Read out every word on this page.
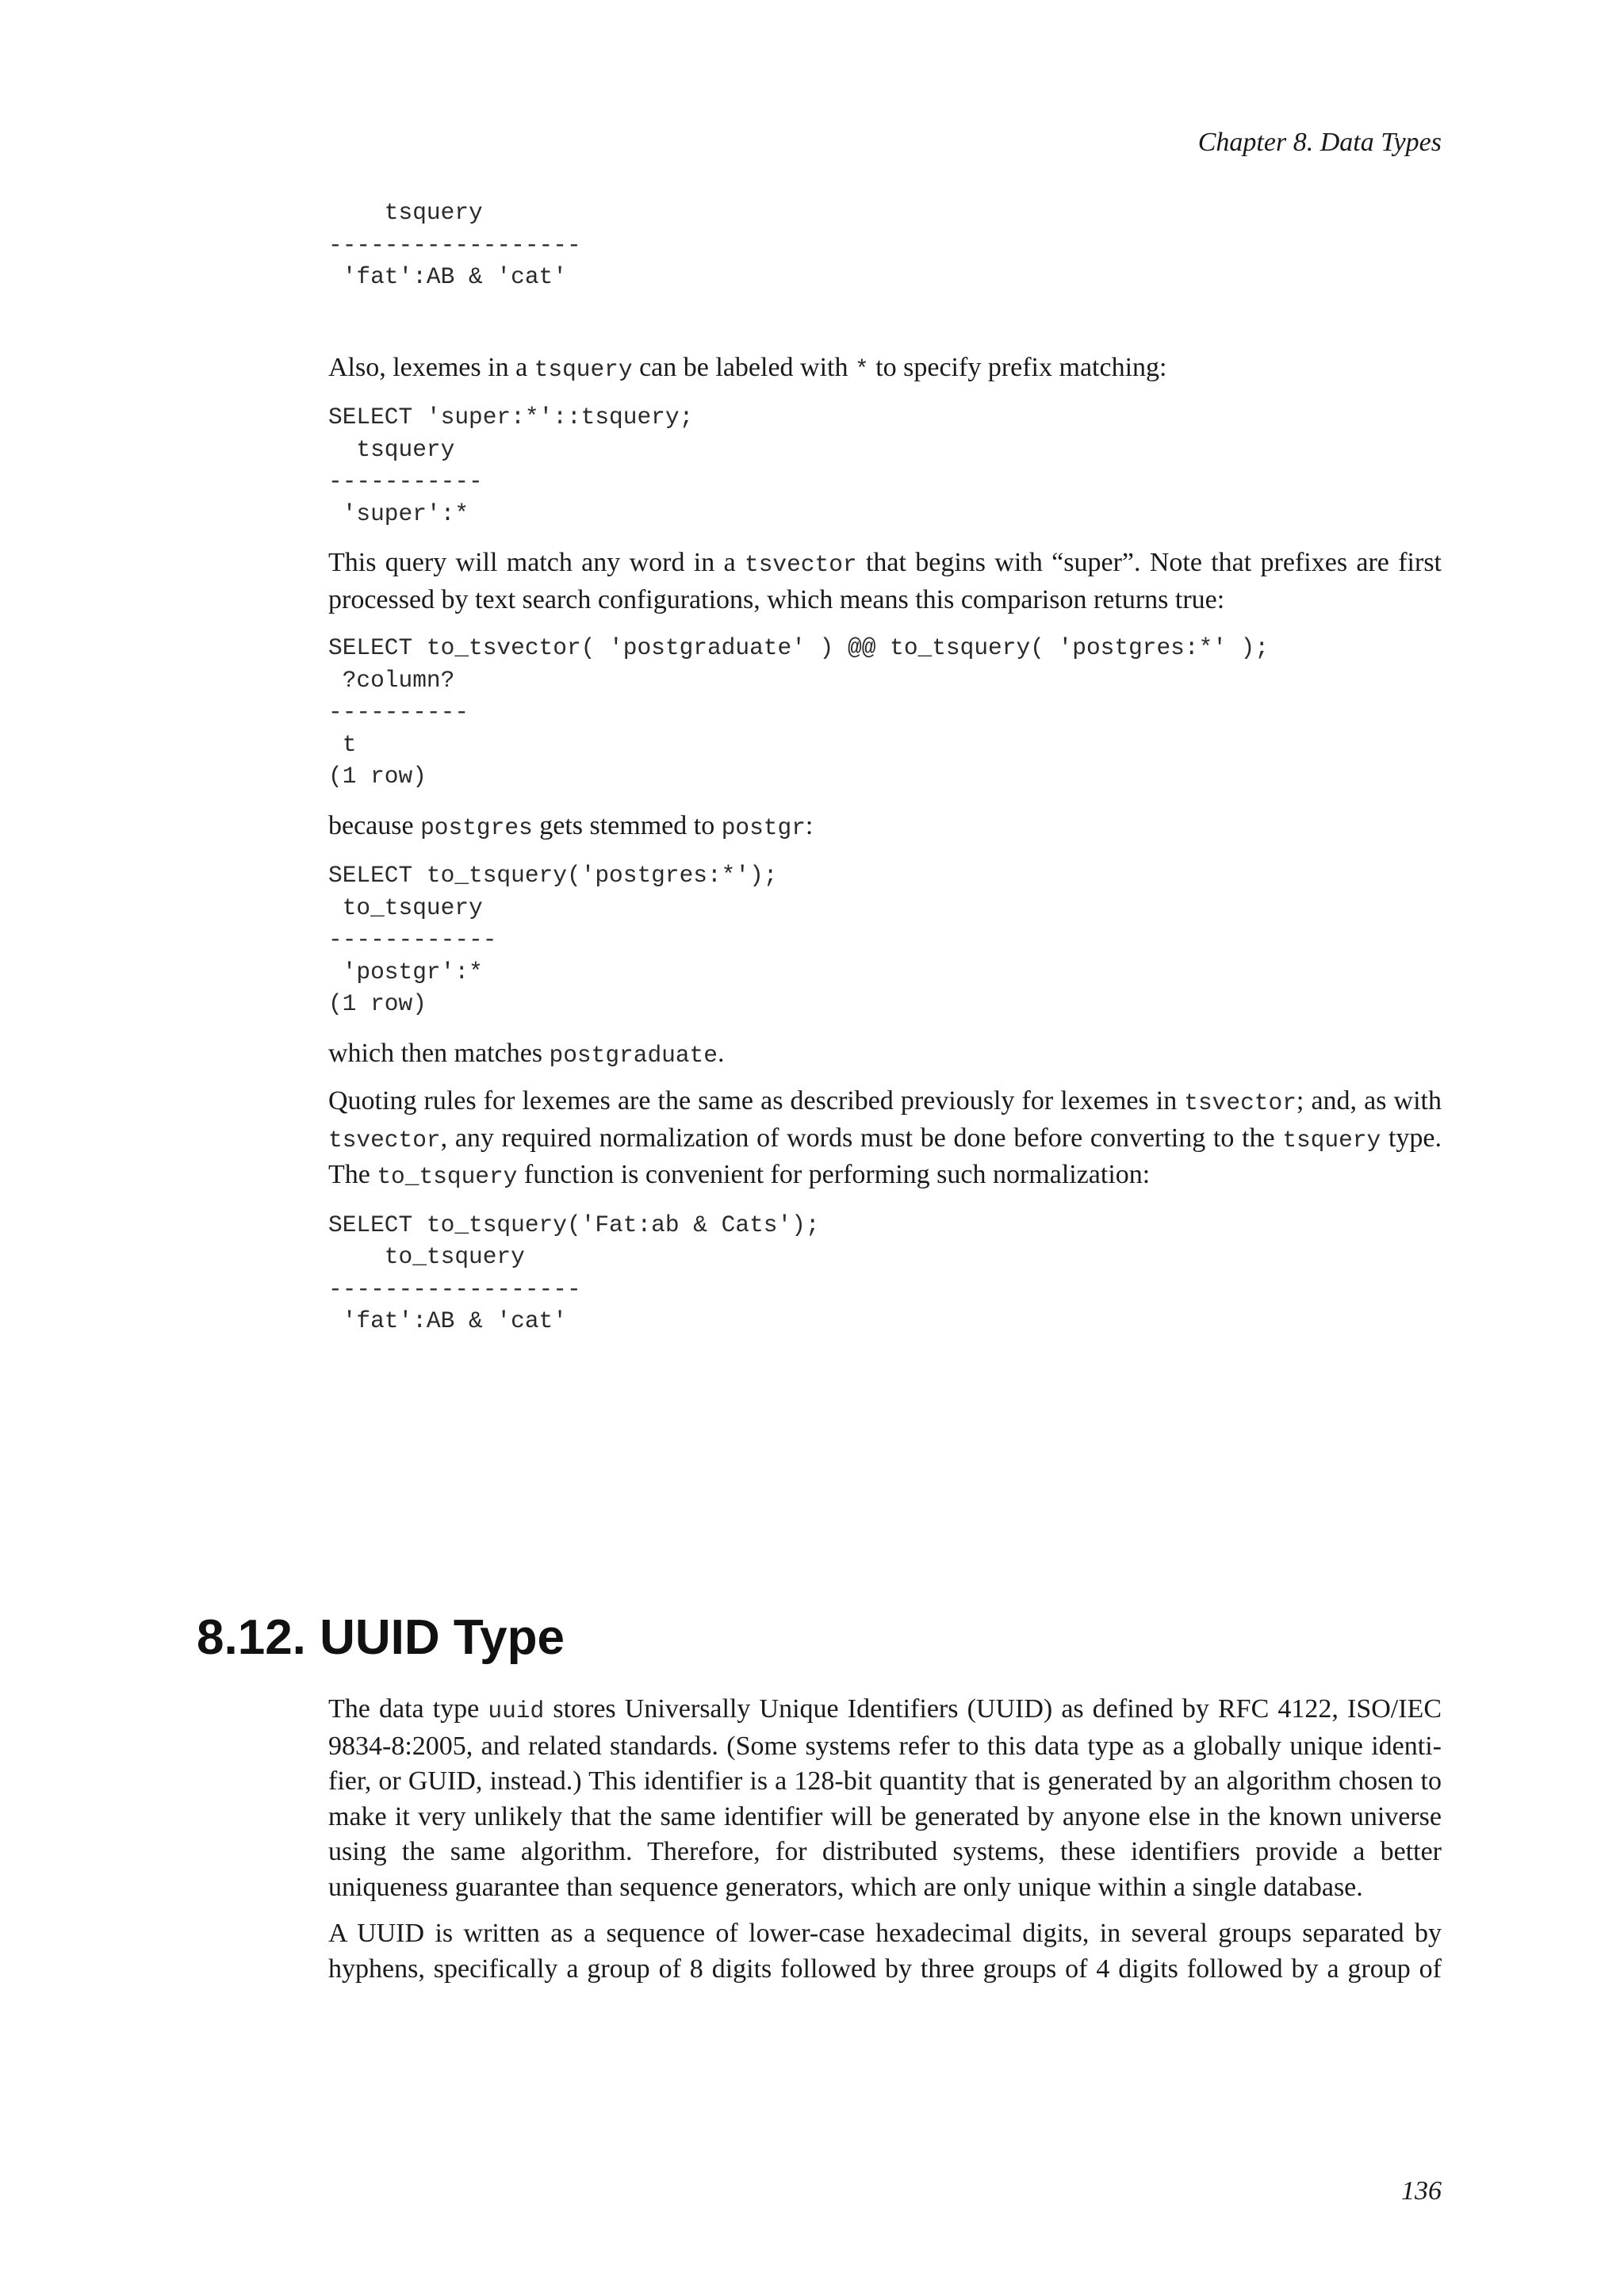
Chapter 8. Data Types
tsquery
------------------
'fat':AB & 'cat'

Also, lexemes in a tsquery can be labeled with * to specify prefix matching:

SELECT 'super:*'::tsquery;
tsquery
-----------
'super':*

This query will match any word in a tsvector that begins with “super”. Note that prefixes are first processed by text search configurations, which means this comparison returns true:

SELECT to_tsvector( 'postgraduate' ) @@ to_tsquery( 'postgres:*' );
?column?
----------
t
(1 row)

because postgres gets stemmed to postgr:

SELECT to_tsquery('postgres:*');
to_tsquery
------------
'postgr':*
(1 row)

which then matches postgraduate.

Quoting rules for lexemes are the same as described previously for lexemes in tsvector; and, as with tsvector, any required normalization of words must be done before converting to the tsquery type. The to_tsquery function is convenient for performing such normalization:

SELECT to_tsquery('Fat:ab & Cats');
to_tsquery
------------------
'fat':AB & 'cat'
8.12. UUID Type

The data type uuid stores Universally Unique Identifiers (UUID) as defined by RFC 4122, ISO/IEC 9834-8:2005, and related standards. (Some systems refer to this data type as a globally unique identifier, or GUID, instead.) This identifier is a 128-bit quantity that is generated by an algorithm chosen to make it very unlikely that the same identifier will be generated by anyone else in the known universe using the same algorithm. Therefore, for distributed systems, these identifiers provide a better uniqueness guarantee than sequence generators, which are only unique within a single database.

A UUID is written as a sequence of lower-case hexadecimal digits, in several groups separated by hyphens, specifically a group of 8 digits followed by three groups of 4 digits followed by a group of

136
